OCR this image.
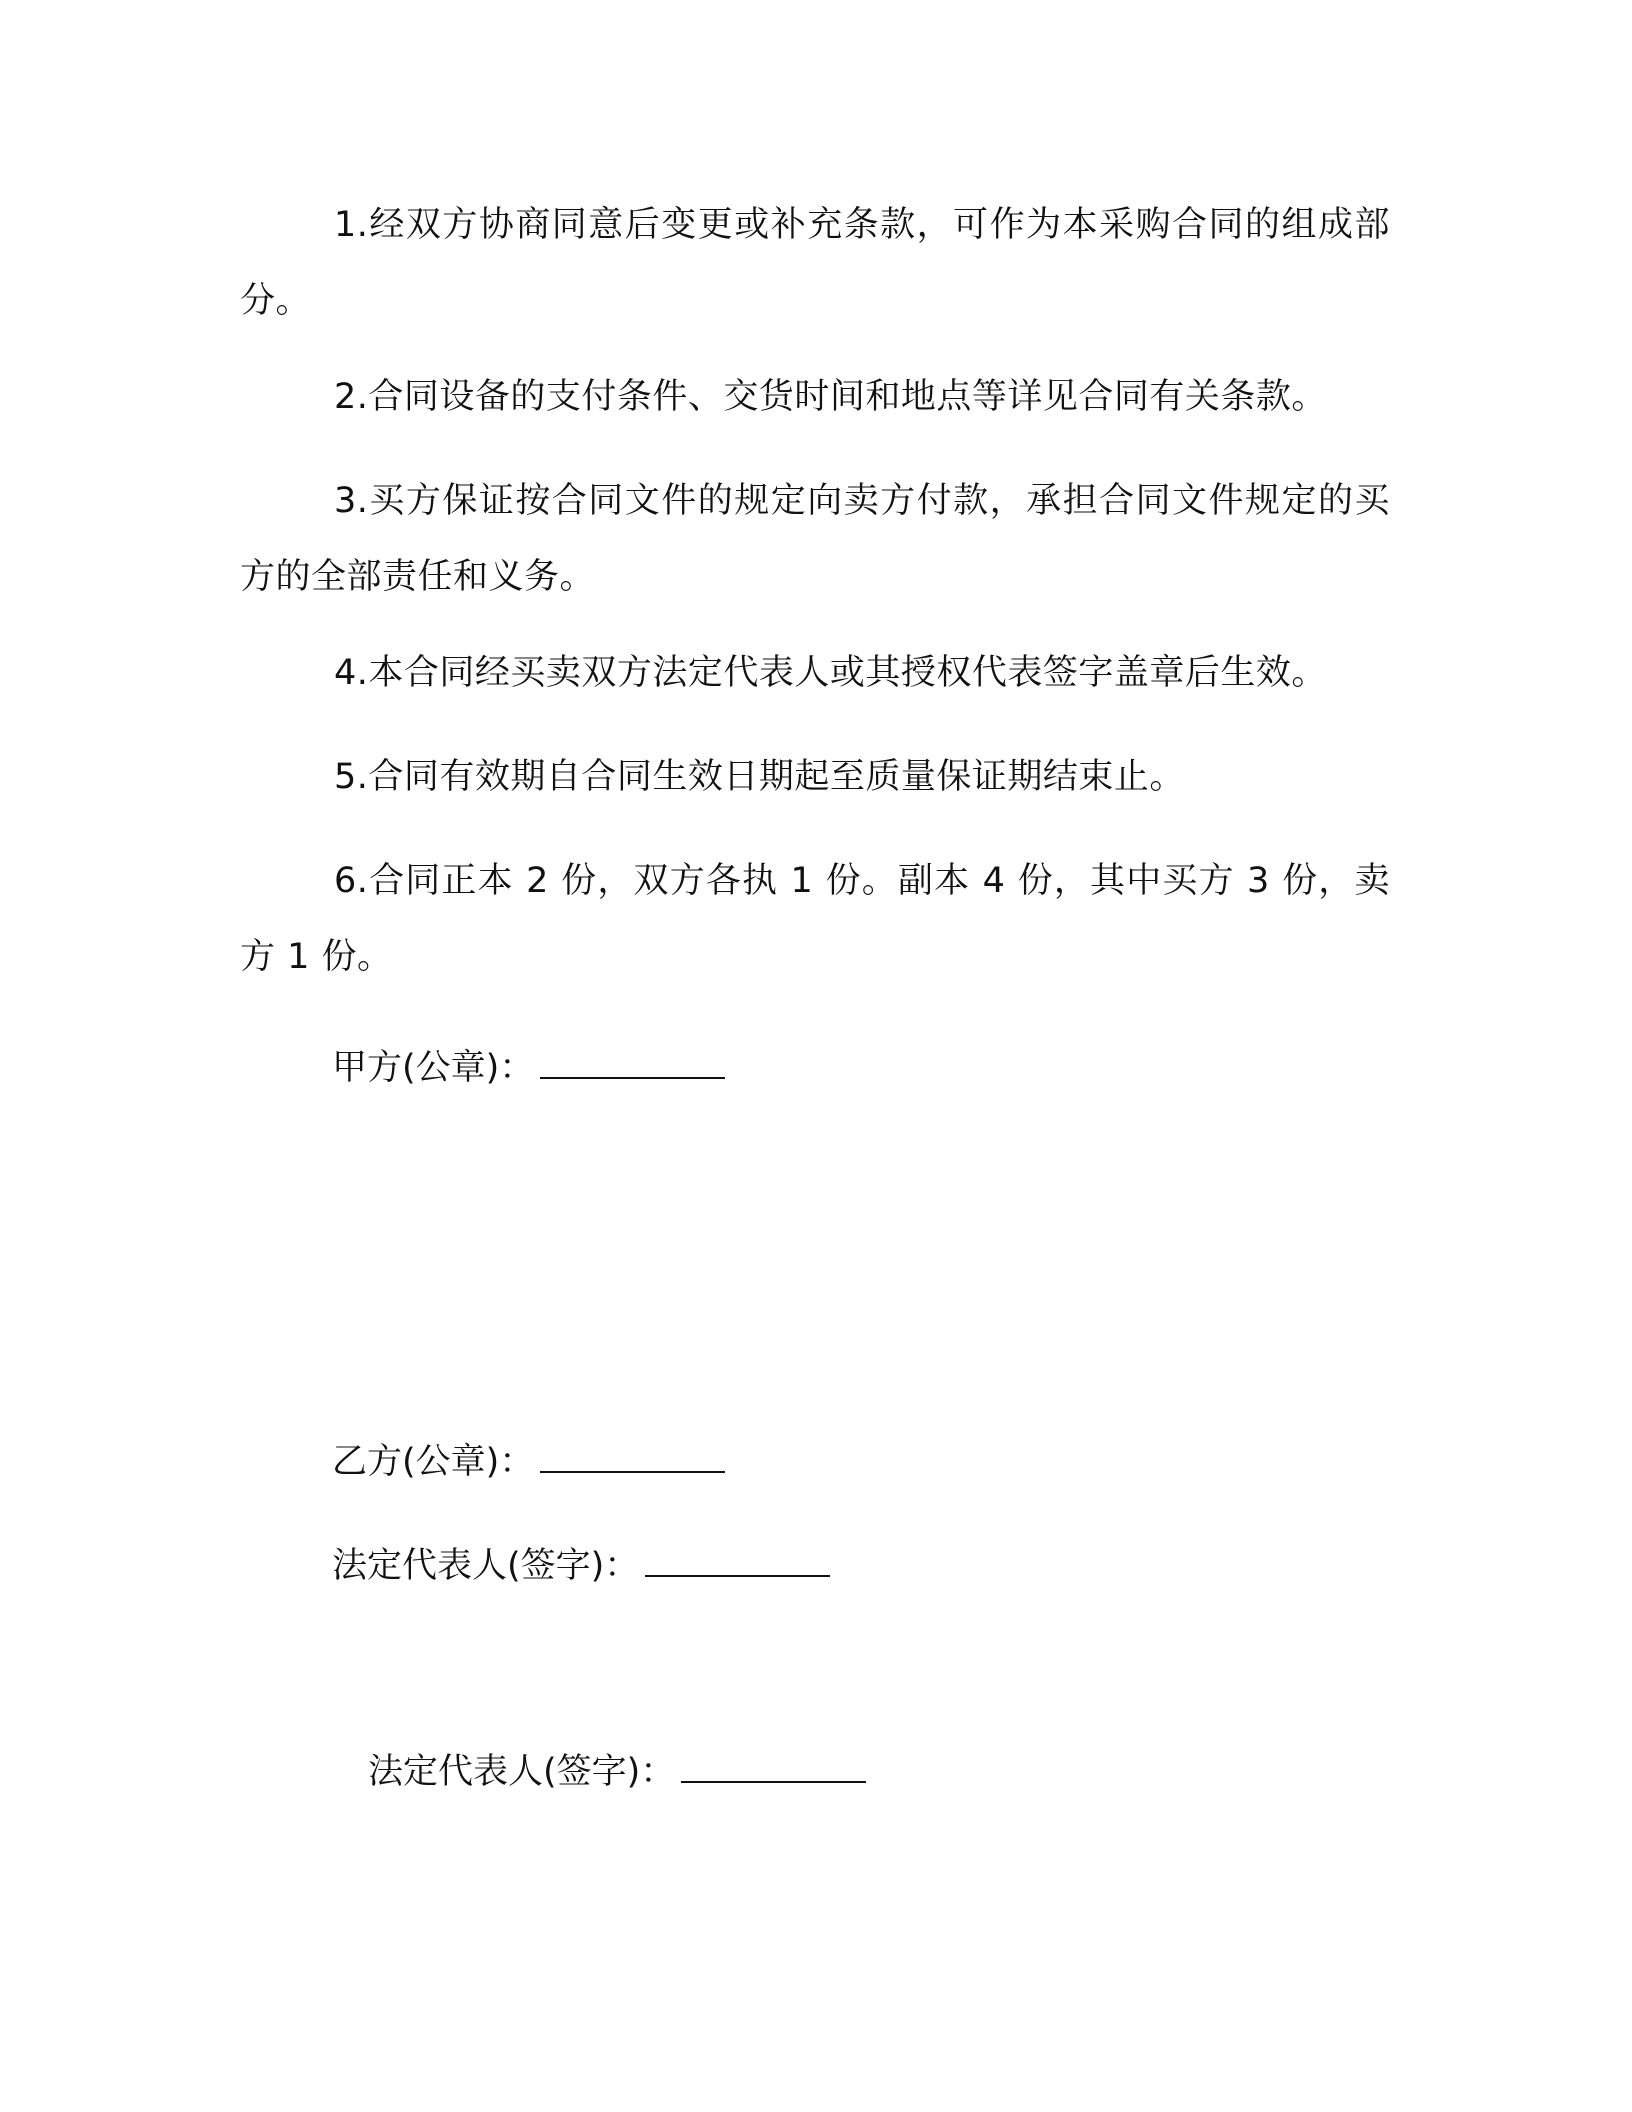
1.经双方协商同意后变更或补充条款，可作为本采购合同的组成部分。

2.合同设备的支付条件、交货时间和地点等详见合同有关条款。

3.买方保证按合同文件的规定向卖方付款，承担合同文件规定的买方的全部责任和义务。

4.本合同经买卖双方法定代表人或其授权代表签字盖章后生效。

5.合同有效期自合同生效日期起至质量保证期结束止。

6.合同正本 2 份，双方各执 1 份。副本 4 份，其中买方 3 份，卖方 1 份。

甲方(公章)：
乙方(公章)：
法定代表人(签字)：
法定代表人(签字)：
